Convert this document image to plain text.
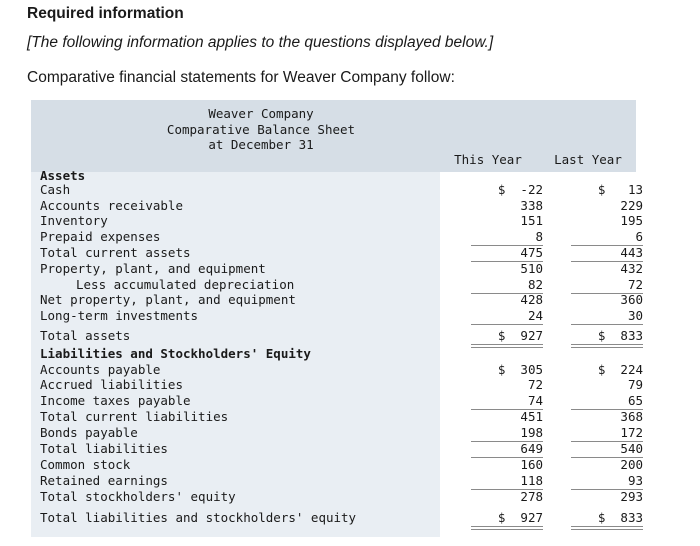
Required information
[The following information applies to the questions displayed below.]
Comparative financial statements for Weaver Company follow:
Weaver Company
Comparative Balance Sheet
at December 31
This Year	Last Year
Assets
Cash	$  -22	$   13
Accounts receivable	338	229
Inventory	151	195
Prepaid expenses	8	6
Total current assets	475	443
Property, plant, and equipment	510	432
Less accumulated depreciation	82	72
Net property, plant, and equipment	428	360
Long-term investments	24	30
Total assets	$  927	$  833
Liabilities and Stockholders' Equity
Accounts payable	$  305	$  224
Accrued liabilities	72	79
Income taxes payable	74	65
Total current liabilities	451	368
Bonds payable	198	172
Total liabilities	649	540
Common stock	160	200
Retained earnings	118	93
Total stockholders' equity	278	293
Total liabilities and stockholders' equity	$  927	$  833
